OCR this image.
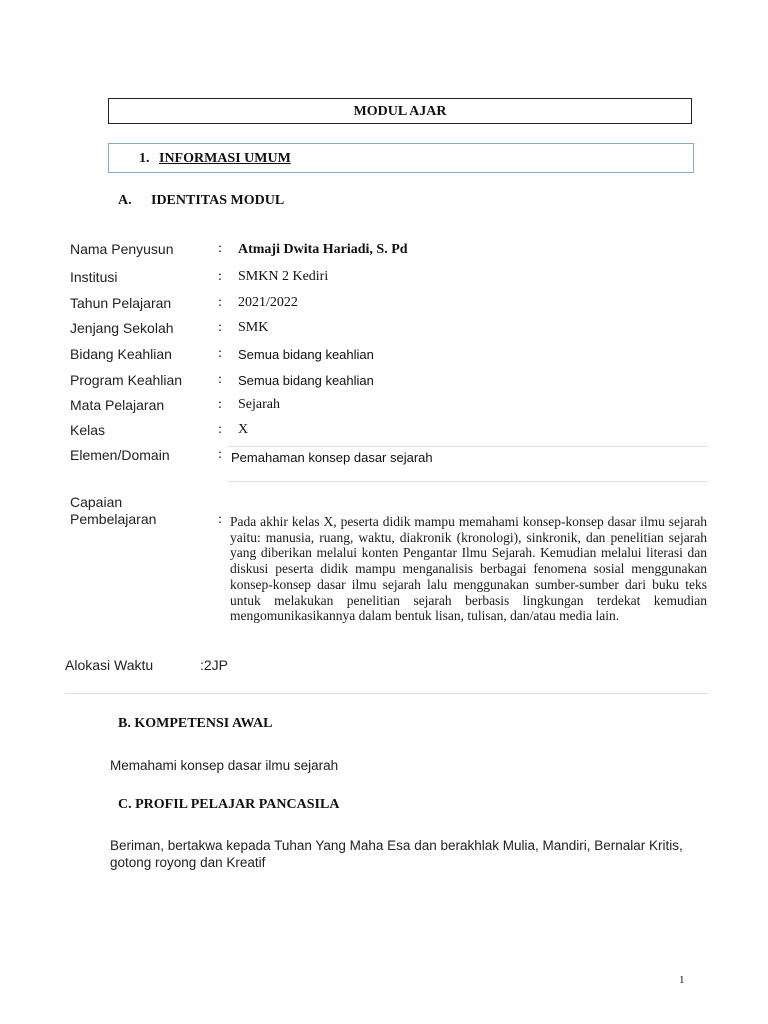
MODUL AJAR
1. INFORMASI UMUM
A. IDENTITAS MODUL
Nama Penyusun	: Atmaji Dwita Hariadi, S. Pd
Institusi	: SMKN 2 Kediri
Tahun Pelajaran	: 2021/2022
Jenjang Sekolah	: SMK
Bidang Keahlian	: Semua bidang keahlian
Program Keahlian	: Semua bidang keahlian
Mata Pelajaran	: Sejarah
Kelas	: X
Elemen/Domain	: Pemahaman konsep dasar sejarah
Capaian
Pembelajaran	: Pada akhir kelas X, peserta didik mampu memahami konsep-konsep dasar ilmu sejarah yaitu: manusia, ruang, waktu, diakronik (kronologi), sinkronik, dan penelitian sejarah yang diberikan melalui konten Pengantar Ilmu Sejarah. Kemudian melalui literasi dan diskusi peserta didik mampu menganalisis berbagai fenomena sosial menggunakan konsep-konsep dasar ilmu sejarah lalu menggunakan sumber-sumber dari buku teks untuk melakukan penelitian sejarah berbasis lingkungan terdekat kemudian mengomunikasikannya dalam bentuk lisan, tulisan, dan/atau media lain.
Alokasi Waktu	:2JP
B. KOMPETENSI AWAL
Memahami konsep dasar ilmu sejarah
C. PROFIL PELAJAR PANCASILA
Beriman, bertakwa kepada Tuhan Yang Maha Esa dan berakhlak Mulia, Mandiri, Bernalar Kritis, gotong royong dan Kreatif
1
